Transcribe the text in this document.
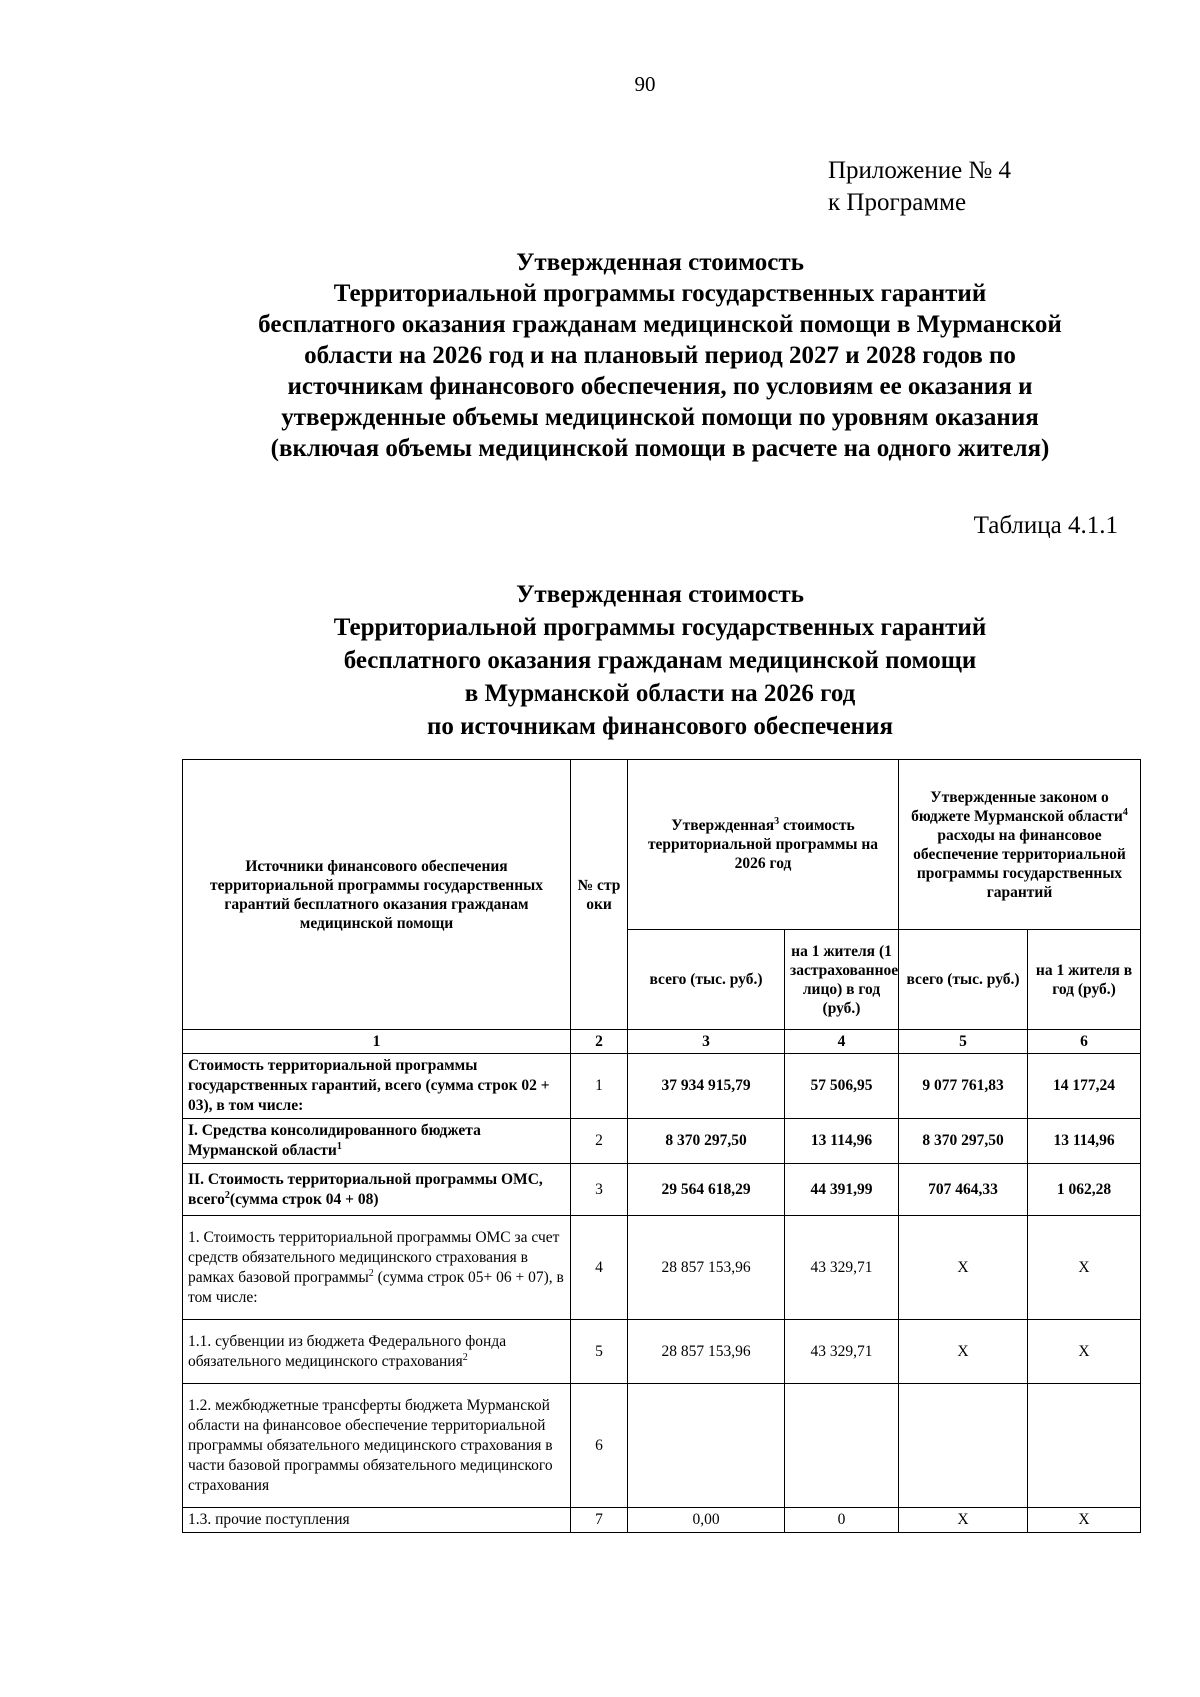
90
Приложение № 4
к Программе
Утвержденная стоимость
Территориальной программы государственных гарантий
бесплатного оказания гражданам медицинской помощи в Мурманской
области на 2026 год и на плановый период 2027 и 2028 годов по
источникам финансового обеспечения, по условиям ее оказания и
утвержденные объемы медицинской помощи по уровням оказания
(включая объемы медицинской помощи в расчете на одного жителя)
Таблица 4.1.1
Утвержденная стоимость
Территориальной программы государственных гарантий
бесплатного оказания гражданам медицинской помощи
в Мурманской области на 2026 год
по источникам финансового обеспечения
Источники финансового обеспечения территориальной программы государственных гарантий бесплатного оказания гражданам медицинской помощи	№ стр оки	Утвержденная$^3$ стоимость территориальной программы на 2026 год		Утвержденные законом о бюджете Мурманской области$^4$ расходы на финансовое обеспечение территориальной программы государственных гарантий	
		всего (тыс. руб.)	на 1 жителя (1 застрахованное лицо) в год (руб.)	всего (тыс. руб.)	на 1 жителя в год (руб.)
1	2	3	4	5	6
Стоимость территориальной программы государственных гарантий, всего (сумма строк 02 + 03), в том числе:	1	37 934 915,79	57 506,95	9 077 761,83	14 177,24
I. Средства консолидированного бюджета Мурманской области$^1$	2	8 370 297,50	13 114,96	8 370 297,50	13 114,96
II. Стоимость территориальной программы ОМС, всего$^2$(сумма строк 04 + 08)	3	29 564 618,29	44 391,99	707 464,33	1 062,28
1. Стоимость территориальной программы ОМС за счет средств обязательного медицинского страхования в рамках базовой программы$^2$ (сумма строк 05+ 06 + 07), в том числе:	4	28 857 153,96	43 329,71	X	X
1.1. субвенции из бюджета Федерального фонда обязательного медицинского страхования$^2$	5	28 857 153,96	43 329,71	X	X
1.2. межбюджетные трансферты бюджета Мурманской области на финансовое обеспечение территориальной программы обязательного медицинского страхования в части базовой программы обязательного медицинского страхования	6				
1.3. прочие поступления	7	0,00	0	X	X
